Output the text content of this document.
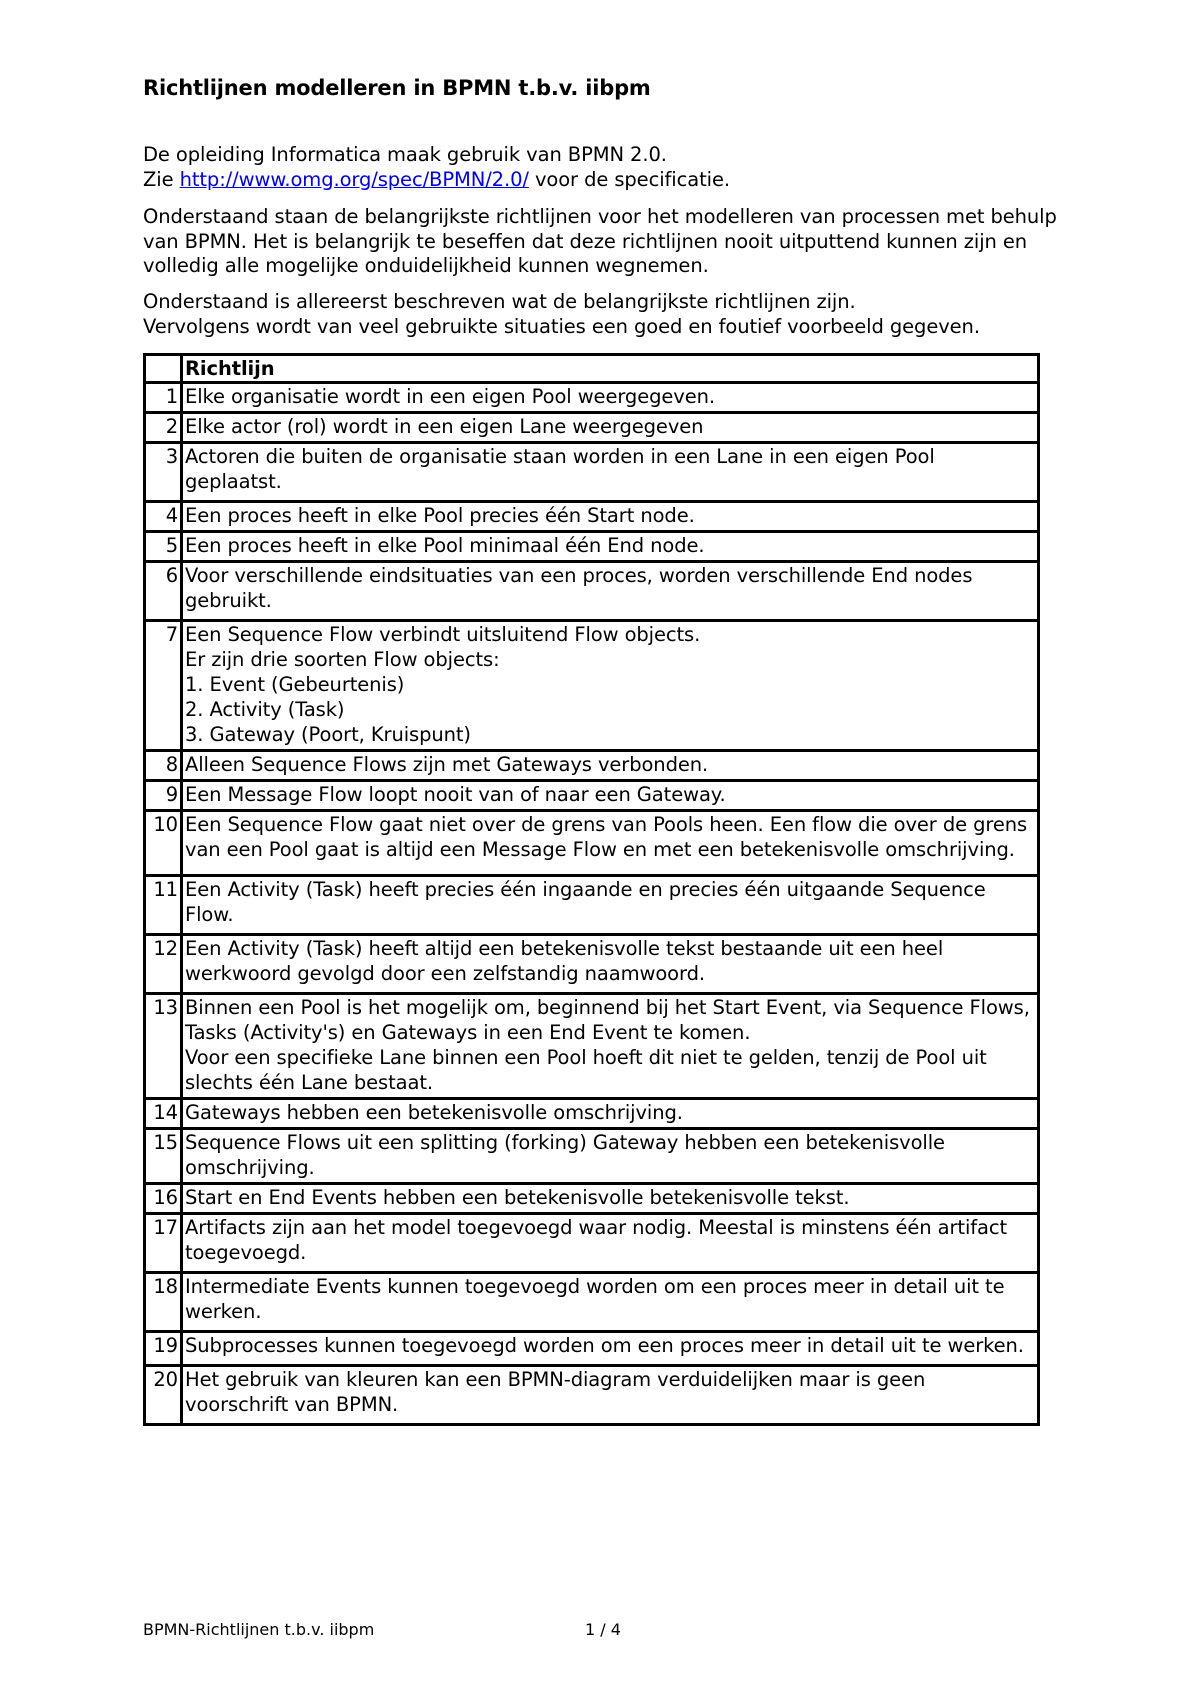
Richtlijnen modelleren in BPMN t.b.v. iibpm

De opleiding Informatica maak gebruik van BPMN 2.0.

Zie http://www.omg.org/spec/BPMN/2.0/ voor de specificatie.

Onderstaand staan de belangrijkste richtlijnen voor het modelleren van processen met behulp van BPMN. Het is belangrijk te beseffen dat deze richtlijnen nooit uitputtend kunnen zijn en volledig alle mogelijke onduidelijkheid kunnen wegnemen.

Onderstaand is allereerst beschreven wat de belangrijkste richtlijnen zijn.

Vervolgens wordt van veel gebruikte situaties een goed en foutief voorbeeld gegeven.

	Richtlijn
1	Elke organisatie wordt in een eigen Pool weergegeven.

2	Elke actor (rol) wordt in een eigen Lane weergegeven

3	Actoren die buiten de organisatie staan worden in een Lane in een eigen Pool geplaatst.

4	Een proces heeft in elke Pool precies één Start node.

5	Een proces heeft in elke Pool minimaal één End node.

6	Voor verschillende eindsituaties van een proces, worden verschillende End nodes gebruikt.

7	Een Sequence Flow verbindt uitsluitend Flow objects.
Er zijn drie soorten Flow objects:
1. Event (Gebeurtenis)
2. Activity (Task)
3. Gateway (Poort, Kruispunt)

8	Alleen Sequence Flows zijn met Gateways verbonden.

9	Een Message Flow loopt nooit van of naar een Gateway.

10	Een Sequence Flow gaat niet over de grens van Pools heen. Een flow die over de grens van een Pool gaat is altijd een Message Flow en met een betekenisvolle omschrijving.

11	Een Activity (Task) heeft precies één ingaande en precies één uitgaande Sequence Flow.

12	Een Activity (Task) heeft altijd een betekenisvolle tekst bestaande uit een heel werkwoord gevolgd door een zelfstandig naamwoord.

13	Binnen een Pool is het mogelijk om, beginnend bij het Start Event, via Sequence Flows, Tasks (Activity's) en Gateways in een End Event te komen.
Voor een specifieke Lane binnen een Pool hoeft dit niet te gelden, tenzij de Pool uit slechts één Lane bestaat.

14	Gateways hebben een betekenisvolle omschrijving.

15	Sequence Flows uit een splitting (forking) Gateway hebben een betekenisvolle omschrijving.

16	Start en End Events hebben een betekenisvolle betekenisvolle tekst.

17	Artifacts zijn aan het model toegevoegd waar nodig. Meestal is minstens één artifact toegevoegd.

18	Intermediate Events kunnen toegevoegd worden om een proces meer in detail uit te werken.

19	Subprocesses kunnen toegevoegd worden om een proces meer in detail uit te werken.

20	Het gebruik van kleuren kan een BPMN-diagram verduidelijken maar is geen voorschrift van BPMN.
BPMN-Richtlijnen t.b.v. iibpm	1 / 4
